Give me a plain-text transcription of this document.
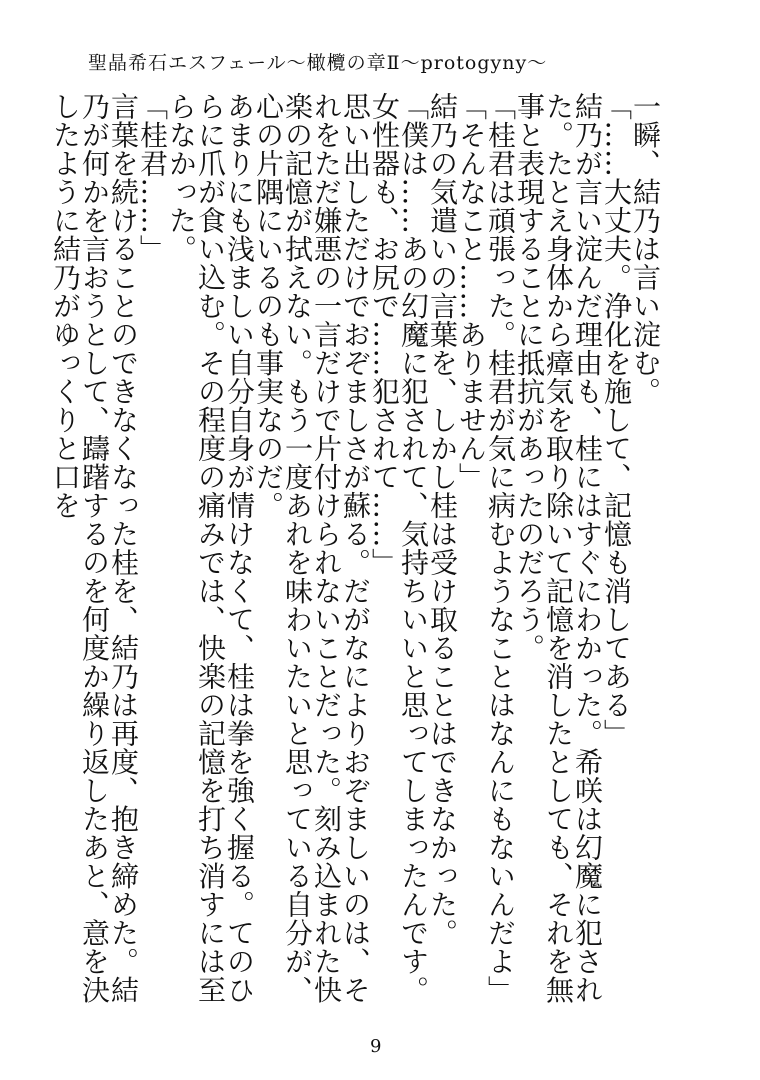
聖晶希石エスフェール〜橄欖の章Ⅱ〜protogyny〜

一瞬、結乃は言い淀む。

「……大丈夫。浄化を施して、記憶も消してある」

結乃が言い淀んだ理由も、桂にはすぐにわかった。希咲は幻魔に犯された。たとえ身体から瘴気を取り除いて記憶を消したとしても、それを無事と表現することに抵抗があったのだろう。

「桂君は頑張った。桂君が気に病むようなことはなんにもないんだよ」

「そんなこと……ありません」

結乃の気遣いの言葉を、しかし桂は受け取ることはできなかった。

「僕は……あの幻魔に犯されて、気持ちいいと思ってしまったんです。女性器も、お尻で……犯されて……」

思い出しただけでおぞましさが蘇る。だがなによりおぞましいのは、それをただ嫌悪の一言だけで片付けられないことだった。刻み込まれた快楽の記憶が拭えない。もう一度あれを味わいたいと思っている自分が、心の片隅にいるのも事実なのだ。

あまりにも浅ましい自分自身が情けなくて、桂は拳を強く握る。てのひらに爪が食い込む。その程度の痛みでは、快楽の記憶を打ち消すには至らなかった。

「桂君……」

言葉を続けることのできなくなった桂を、結乃は再度、抱き締めた。結乃が何かを言おうとして、躊躇するのを何度か繰り返したあと、意を決したように結乃がゆっくりと口を

9
